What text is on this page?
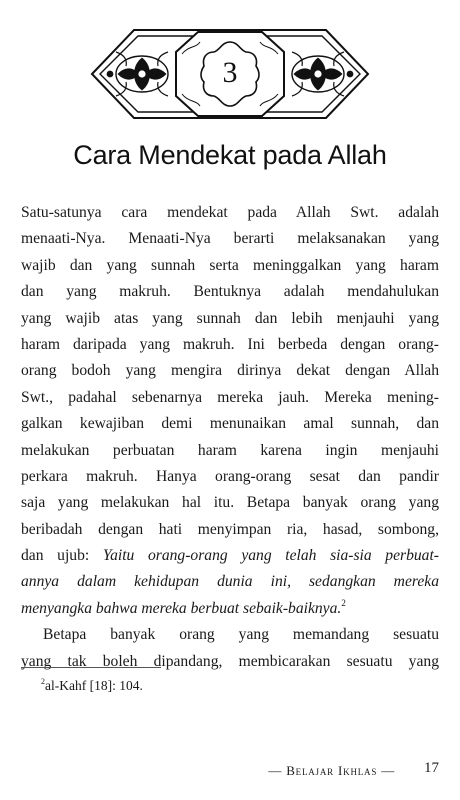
3
Cara Mendekat pada Allah
Satu-satunya cara mendekat pada Allah Swt. adalah
menaati-Nya. Menaati-Nya berarti melaksanakan yang
wajib dan yang sunnah serta meninggalkan yang haram
dan yang makruh. Bentuknya adalah mendahulukan
yang wajib atas yang sunnah dan lebih menjauhi yang
haram daripada yang makruh. Ini berbeda dengan orang-
orang bodoh yang mengira dirinya dekat dengan Allah
Swt., padahal sebenarnya mereka jauh. Mereka mening-
galkan kewajiban demi menunaikan amal sunnah, dan
melakukan perbuatan haram karena ingin menjauhi
perkara makruh. Hanya orang-orang sesat dan pandir
saja yang melakukan hal itu. Betapa banyak orang yang
beribadah dengan hati menyimpan ria, hasad, sombong,
dan ujub: Yaitu orang-orang yang telah sia-sia perbuat-
annya dalam kehidupan dunia ini, sedangkan mereka
menyangka bahwa mereka berbuat sebaik-baiknya.$^2$
Betapa banyak orang yang memandang sesuatu
yang tak boleh dipandang, membicarakan sesuatu yang
$^2$al-Kahf [18]: 104.
— Belajar Ikhlas — 17
